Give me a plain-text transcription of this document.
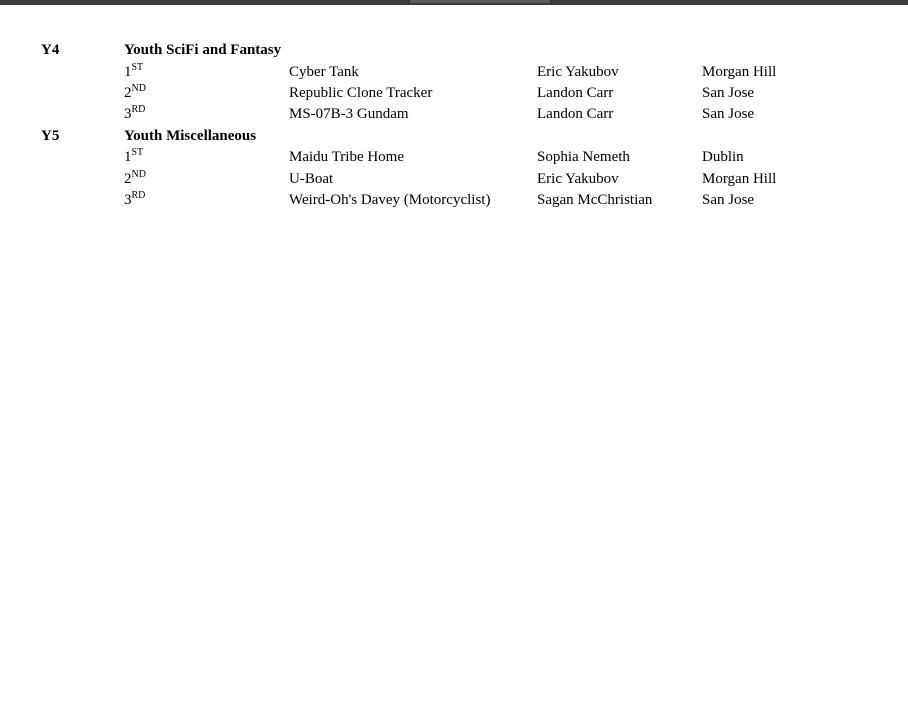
Y4	Youth SciFi and Fantasy
1ST	Cyber Tank	Eric Yakubov	Morgan Hill
2ND	Republic Clone Tracker	Landon Carr	San Jose
3RD	MS-07B-3 Gundam	Landon Carr	San Jose
Y5	Youth Miscellaneous
1ST	Maidu Tribe Home	Sophia Nemeth	Dublin
2ND	U-Boat	Eric Yakubov	Morgan Hill
3RD	Weird-Oh's Davey (Motorcyclist)	Sagan McChristian	San Jose
